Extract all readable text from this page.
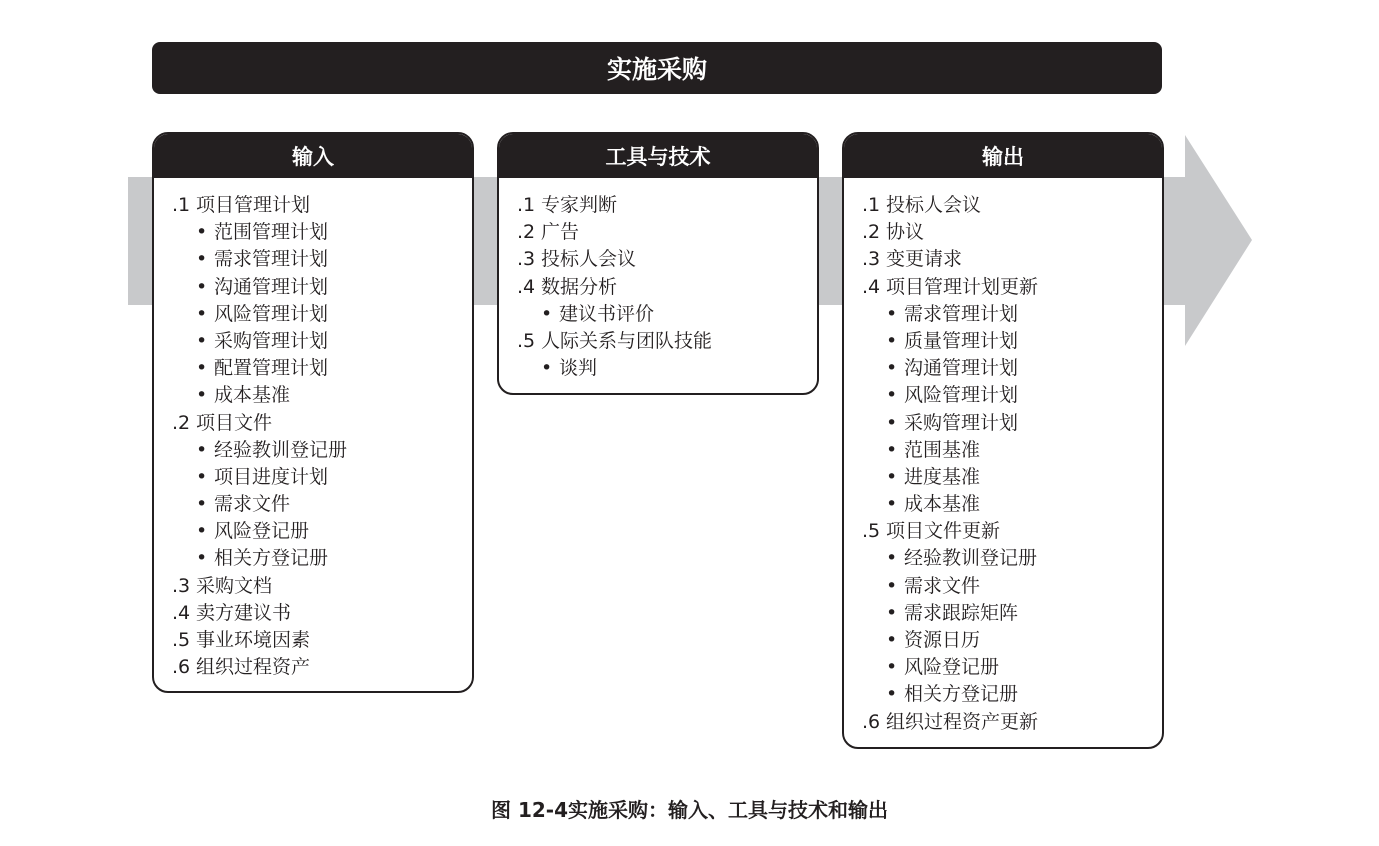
实施采购
输入
.1 项目管理计划
• 范围管理计划
• 需求管理计划
• 沟通管理计划
• 风险管理计划
• 采购管理计划
• 配置管理计划
• 成本基准
.2 项目文件
• 经验教训登记册
• 项目进度计划
• 需求文件
• 风险登记册
• 相关方登记册
.3 采购文档
.4 卖方建议书
.5 事业环境因素
.6 组织过程资产
工具与技术
.1 专家判断
.2 广告
.3 投标人会议
.4 数据分析
• 建议书评价
.5 人际关系与团队技能
• 谈判
输出
.1 投标人会议
.2 协议
.3 变更请求
.4 项目管理计划更新
• 需求管理计划
• 质量管理计划
• 沟通管理计划
• 风险管理计划
• 采购管理计划
• 范围基准
• 进度基准
• 成本基准
.5 项目文件更新
• 经验教训登记册
• 需求文件
• 需求跟踪矩阵
• 资源日历
• 风险登记册
• 相关方登记册
.6 组织过程资产更新
图 12-4实施采购：输入、工具与技术和输出
